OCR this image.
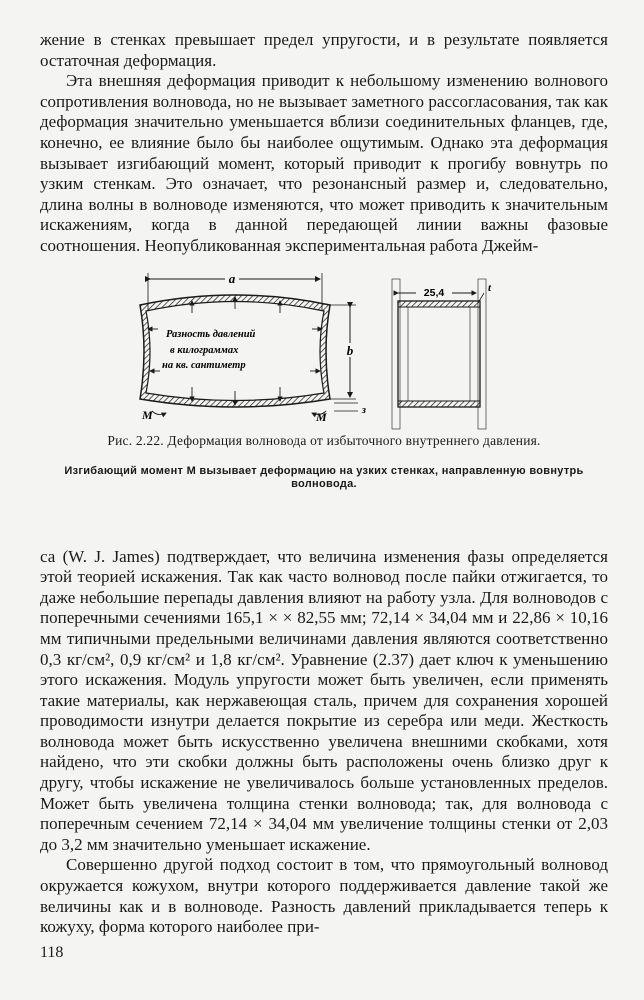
жение в стенках превышает предел упругости, и в результате появляется остаточная деформация.

Эта внешняя деформация приводит к небольшому изменению волнового сопротивления волновода, но не вызывает заметного рассогласования, так как деформация значительно уменьшается вблизи соединительных фланцев, где, конечно, ее влияние было бы наиболее ощутимым. Однако эта деформация вызывает изгибающий момент, который приводит к прогибу вовнутрь по узким стенкам. Это означает, что резонансный размер и, следовательно, длина волны в волноводе изменяются, что может приводить к значительным искажениям, когда в данной передающей линии важны фазовые соотношения. Неопубликованная экспериментальная работа Джейм-

a
Разность давлений
в килограммах
на кв. сантиметр
M	M
b
з
25,4	t
Рис. 2.22. Деформация волновода от избыточного внутреннего давления.
Изгибающий момент М вызывает деформацию на узких стенках, направленную вовнутрь волновода.

са (W. J. James) подтверждает, что величина изменения фазы определяется этой теорией искажения. Так как часто волновод после пайки отжигается, то даже небольшие перепады давления влияют на работу узла. Для волноводов с поперечными сечениями 165,1 × × 82,55 мм; 72,14 × 34,04 мм и 22,86 × 10,16 мм типичными предельными величинами давления являются соответственно 0,3 кг/см², 0,9 кг/см² и 1,8 кг/см². Уравнение (2.37) дает ключ к уменьшению этого искажения. Модуль упругости может быть увеличен, если применять такие материалы, как нержавеющая сталь, причем для сохранения хорошей проводимости изнутри делается покрытие из серебра или меди. Жесткость волновода может быть искусственно увеличена внешними скобками, хотя найдено, что эти скобки должны быть расположены очень близко друг к другу, чтобы искажение не увеличивалось больше установленных пределов. Может быть увеличена толщина стенки волновода; так, для волновода с поперечным сечением 72,14 × 34,04 мм увеличение толщины стенки от 2,03 до 3,2 мм значительно уменьшает искажение.

Совершенно другой подход состоит в том, что прямоугольный волновод окружается кожухом, внутри которого поддерживается давление такой же величины как и в волноводе. Разность давлений прикладывается теперь к кожуху, форма которого наиболее при-

118
